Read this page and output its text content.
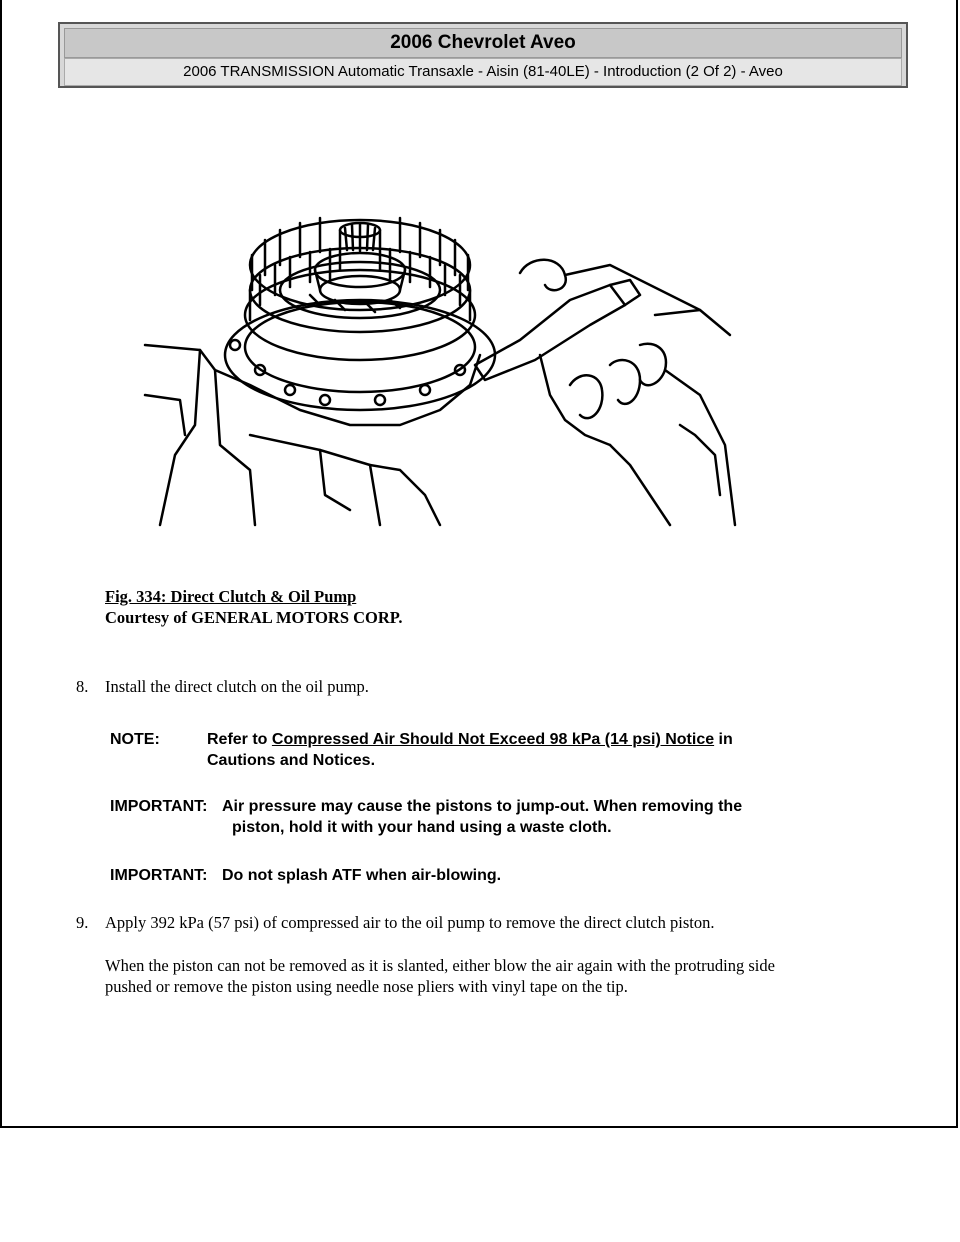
2006 Chevrolet Aveo
2006 TRANSMISSION Automatic Transaxle - Aisin (81-40LE) - Introduction (2 Of 2) - Aveo
Fig. 334: Direct Clutch & Oil Pump
Courtesy of GENERAL MOTORS CORP.
8. Install the direct clutch on the oil pump.
NOTE:	Refer to Compressed Air Should Not Exceed 98 kPa (14 psi) Notice in
Cautions and Notices.
IMPORTANT: Air pressure may cause the pistons to jump-out. When removing the
piston, hold it with your hand using a waste cloth.
IMPORTANT: Do not splash ATF when air-blowing.
9. Apply 392 kPa (57 psi) of compressed air to the oil pump to remove the direct clutch piston.
When the piston can not be removed as it is slanted, either blow the air again with the protruding side
pushed or remove the piston using needle nose pliers with vinyl tape on the tip.
